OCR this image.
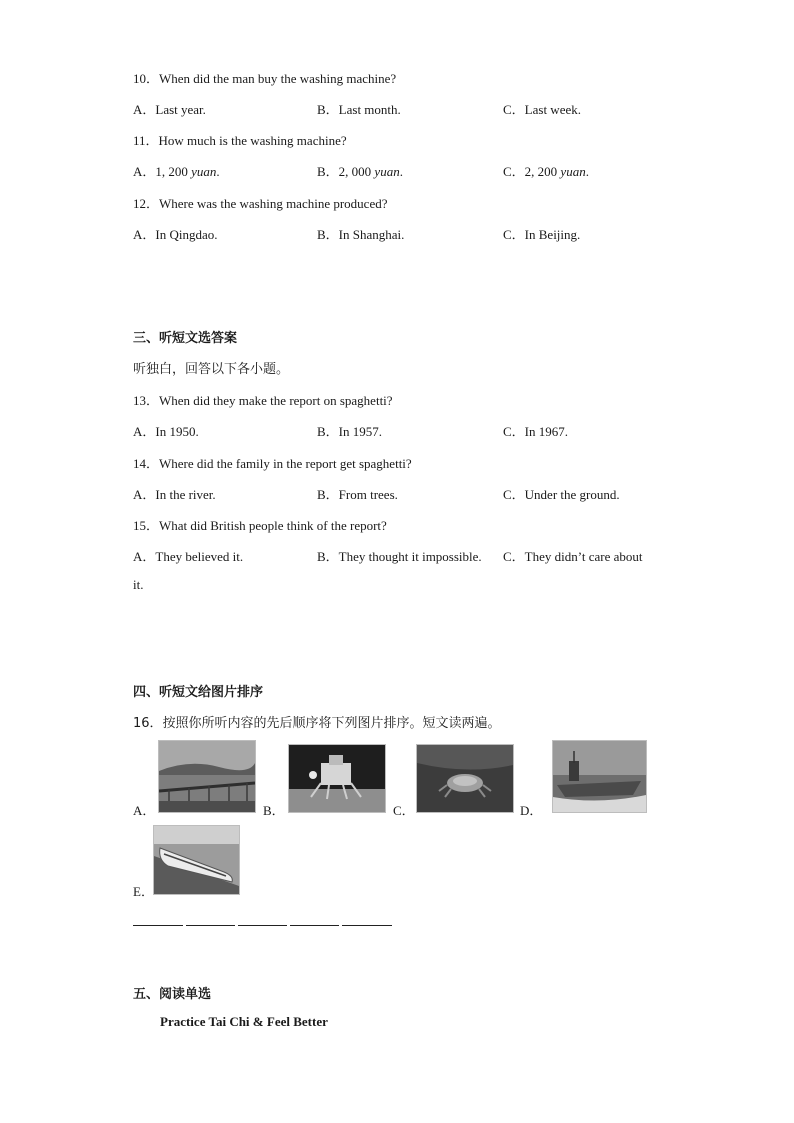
10．When did the man buy the washing machine?
A．Last year.	B．Last month.	C．Last week.
11．How much is the washing machine?
A．1, 200 yuan.	B．2, 000 yuan.	C．2, 200 yuan.
12．Where was the washing machine produced?
A．In Qingdao.	B．In Shanghai.	C．In Beijing.
三、听短文选答案
听独白，回答以下各小题。
13．When did they make the report on spaghetti?
A．In 1950.	B．In 1957.	C．In 1967.
14．Where did the family in the report get spaghetti?
A．In the river.	B．From trees.	C．Under the ground.
15．What did British people think of the report?
A．They believed it.	B．They thought it impossible. C．They didn’t care about
it.
四、听短文给图片排序
16．按照你所听内容的先后顺序将下列图片排序。短文读两遍。
A．	B．	C．	D．
E．
五、阅读单选
Practice Tai Chi & Feel Better
